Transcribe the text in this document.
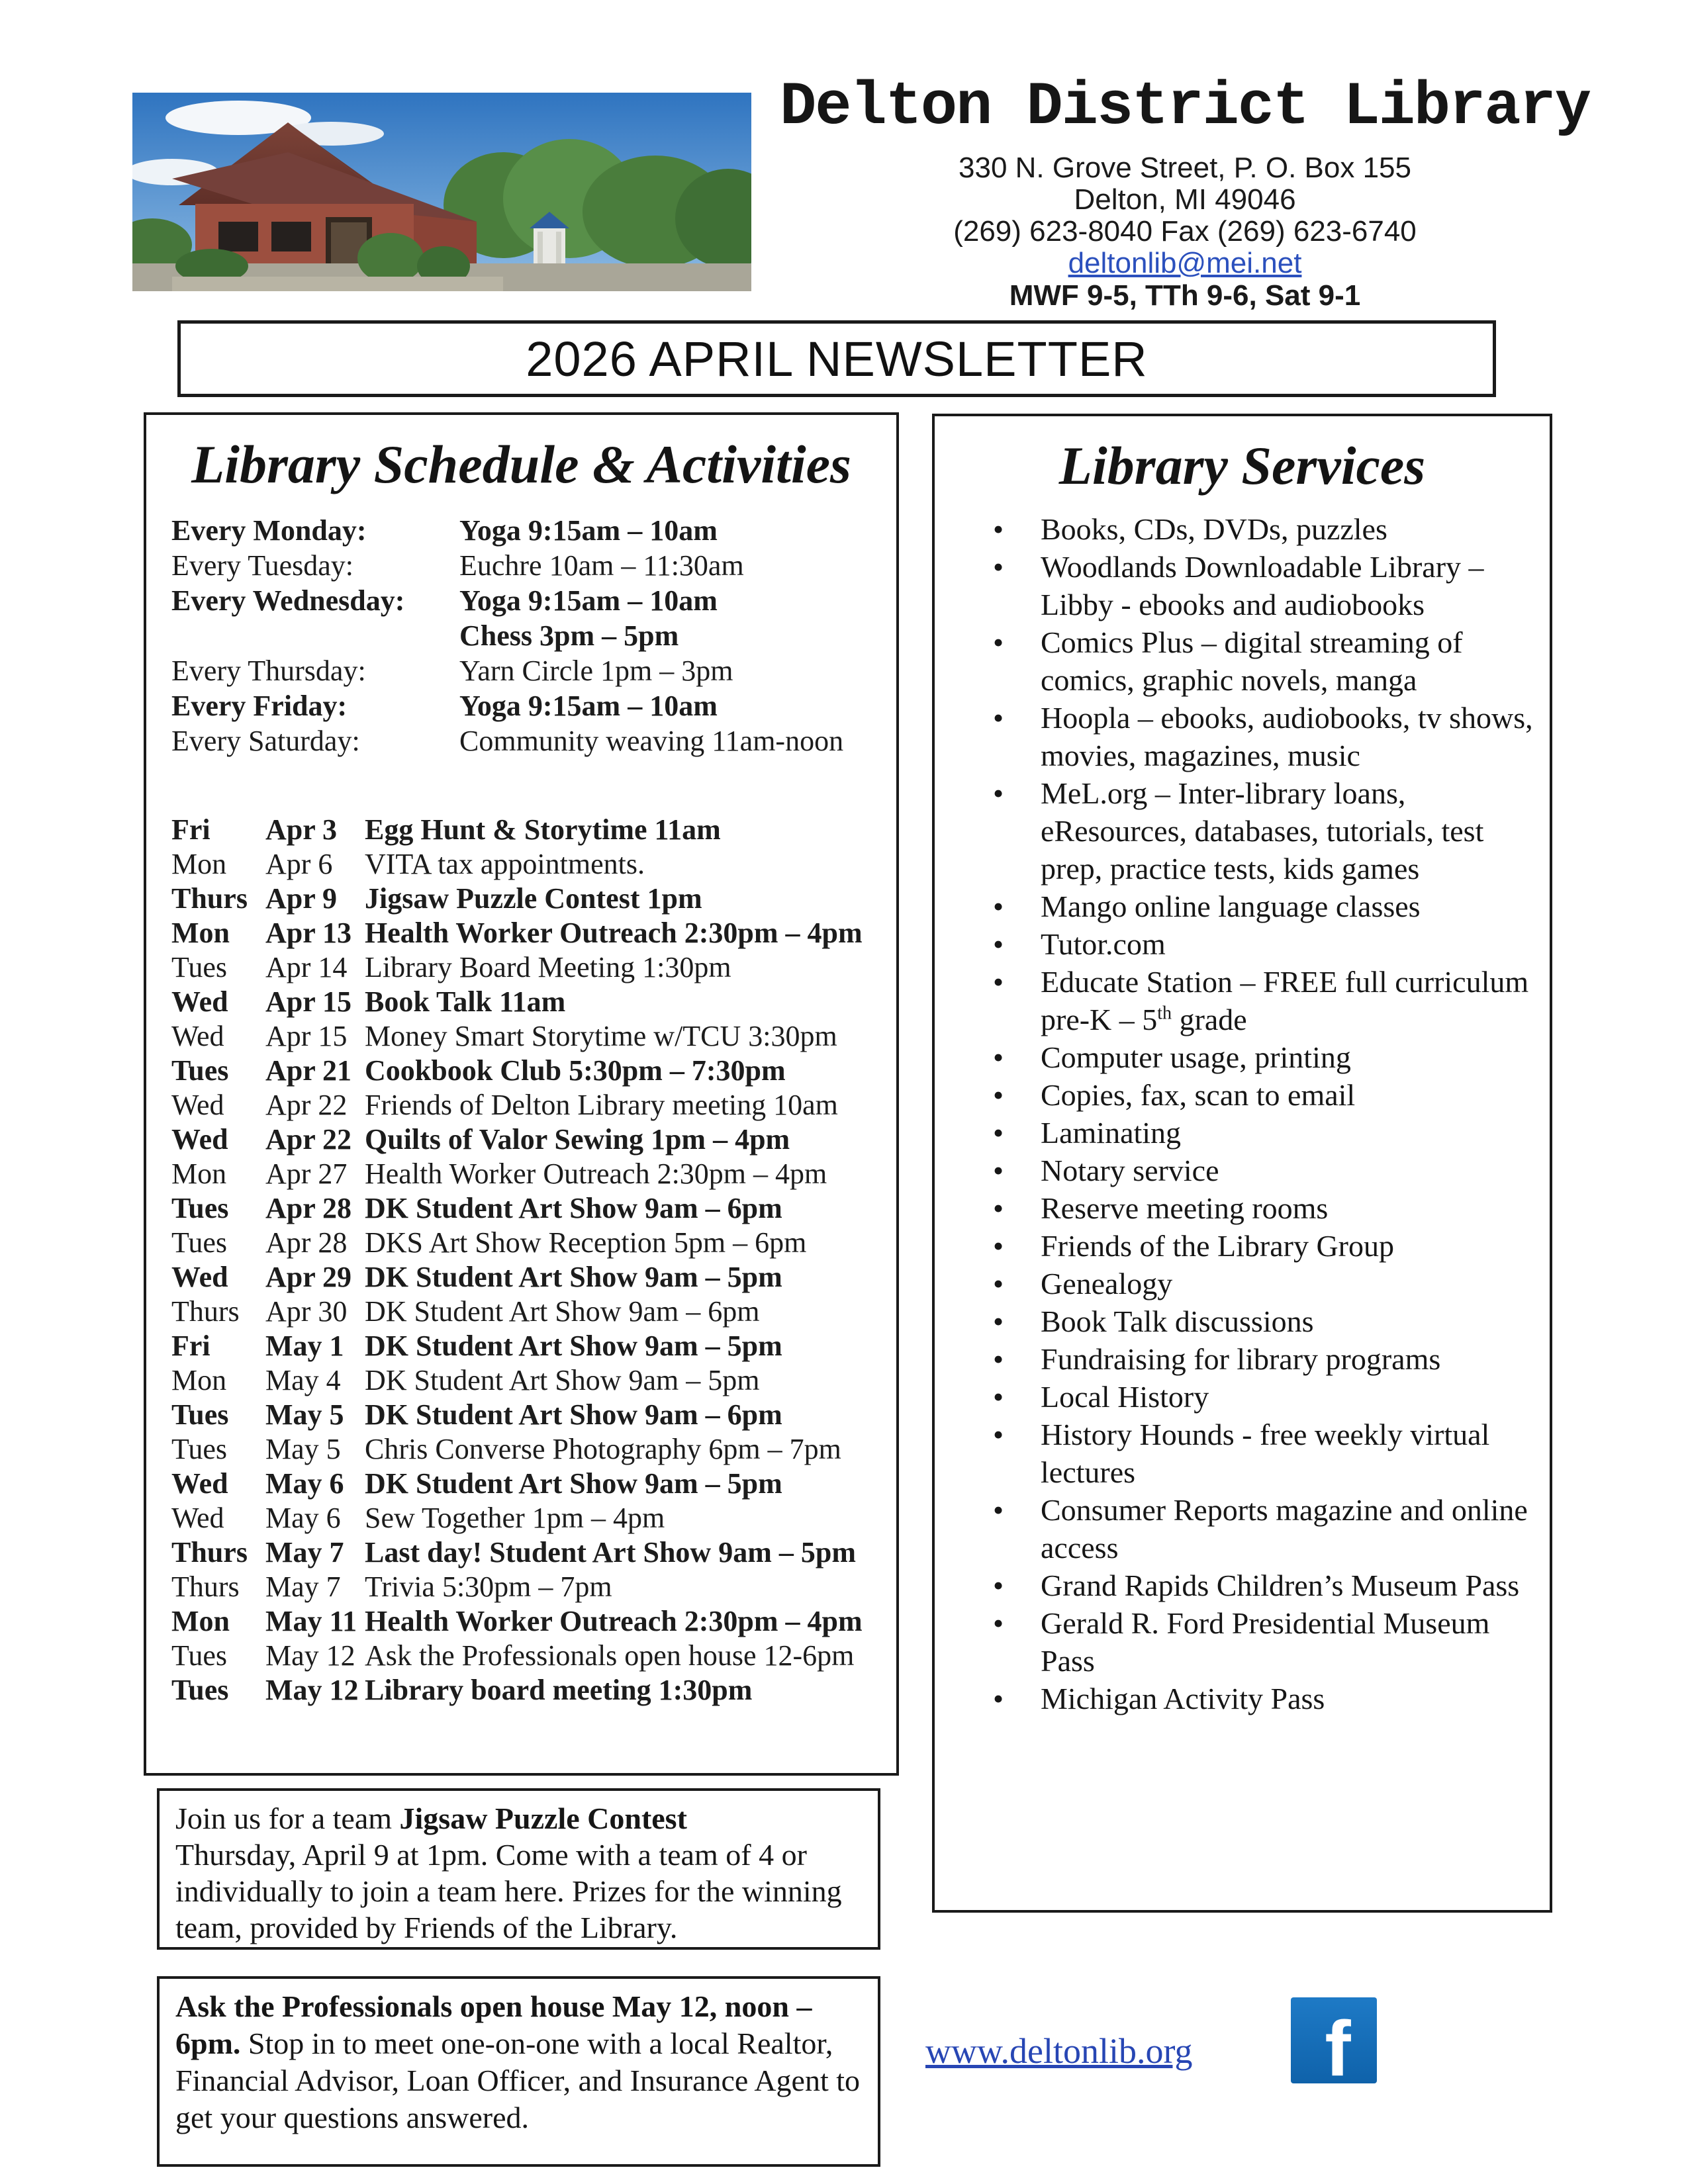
Delton District Library
330 N. Grove Street, P. O. Box 155
Delton, MI 49046
(269) 623-8040 Fax (269) 623-6740
deltonlib@mei.net
MWF 9-5, TTh 9-6, Sat 9-1
2026 APRIL NEWSLETTER
Library Schedule & Activities
Every Monday:	Yoga 9:15am – 10am
Every Tuesday:	Euchre 10am – 11:30am
Every Wednesday:	Yoga 9:15am – 10am
Chess 3pm – 5pm
Every Thursday:	Yarn Circle 1pm – 3pm
Every Friday:	Yoga 9:15am – 10am
Every Saturday:	Community weaving 11am-noon
Fri	Apr 3 Egg Hunt & Storytime 11am
Mon	Apr 6	VITA tax appointments.
Thurs Apr 9 Jigsaw Puzzle Contest 1pm
Mon	Apr 13 Health Worker Outreach 2:30pm – 4pm
Tues	Apr 14 Library Board Meeting 1:30pm
Wed	Apr 15 Book Talk 11am
Wed	Apr 15 Money Smart Storytime w/TCU 3:30pm
Tues	Apr 21 Cookbook Club 5:30pm – 7:30pm
Wed	Apr 22 Friends of Delton Library meeting 10am
Wed	Apr 22 Quilts of Valor Sewing 1pm – 4pm
Mon	Apr 27 Health Worker Outreach 2:30pm – 4pm
Tues	Apr 28 DK Student Art Show 9am – 6pm
Tues	Apr 28 DKS Art Show Reception 5pm – 6pm
Wed	Apr 29 DK Student Art Show 9am – 5pm
Thurs Apr 30 DK Student Art Show 9am – 6pm
Fri	May 1 DK Student Art Show 9am – 5pm
Mon	May 4 DK Student Art Show 9am – 5pm
Tues	May 5 DK Student Art Show 9am – 6pm
Tues	May 5 Chris Converse Photography 6pm – 7pm
Wed	May 6 DK Student Art Show 9am – 5pm
Wed	May 6 Sew Together 1pm – 4pm
Thurs May 7 Last day! Student Art Show 9am – 5pm
Thurs May 7 Trivia 5:30pm – 7pm
Mon	May 11 Health Worker Outreach 2:30pm – 4pm
Tues	May 12 Ask the Professionals open house 12-6pm
Tues	May 12 Library board meeting 1:30pm
Library Services
• Books, CDs, DVDs, puzzles
• Woodlands Downloadable Library – Libby - ebooks and audiobooks
• Comics Plus – digital streaming of comics, graphic novels, manga
• Hoopla – ebooks, audiobooks, tv shows, movies, magazines, music
• MeL.org – Inter-library loans, eResources, databases, tutorials, test prep, practice tests, kids games
• Mango online language classes
• Tutor.com
• Educate Station – FREE full curriculum pre-K – 5th grade
• Computer usage, printing
• Copies, fax, scan to email
• Laminating
• Notary service
• Reserve meeting rooms
• Friends of the Library Group
• Genealogy
• Book Talk discussions
• Fundraising for library programs
• Local History
• History Hounds - free weekly virtual lectures
• Consumer Reports magazine and online access
• Grand Rapids Children’s Museum Pass
• Gerald R. Ford Presidential Museum Pass
• Michigan Activity Pass
Join us for a team Jigsaw Puzzle Contest
Thursday, April 9 at 1pm. Come with a team of 4 or individually to join a team here. Prizes for the winning team, provided by Friends of the Library.
Ask the Professionals open house May 12, noon – 6pm. Stop in to meet one-on-one with a local Realtor, Financial Advisor, Loan Officer, and Insurance Agent to get your questions answered.
www.deltonlib.org f
